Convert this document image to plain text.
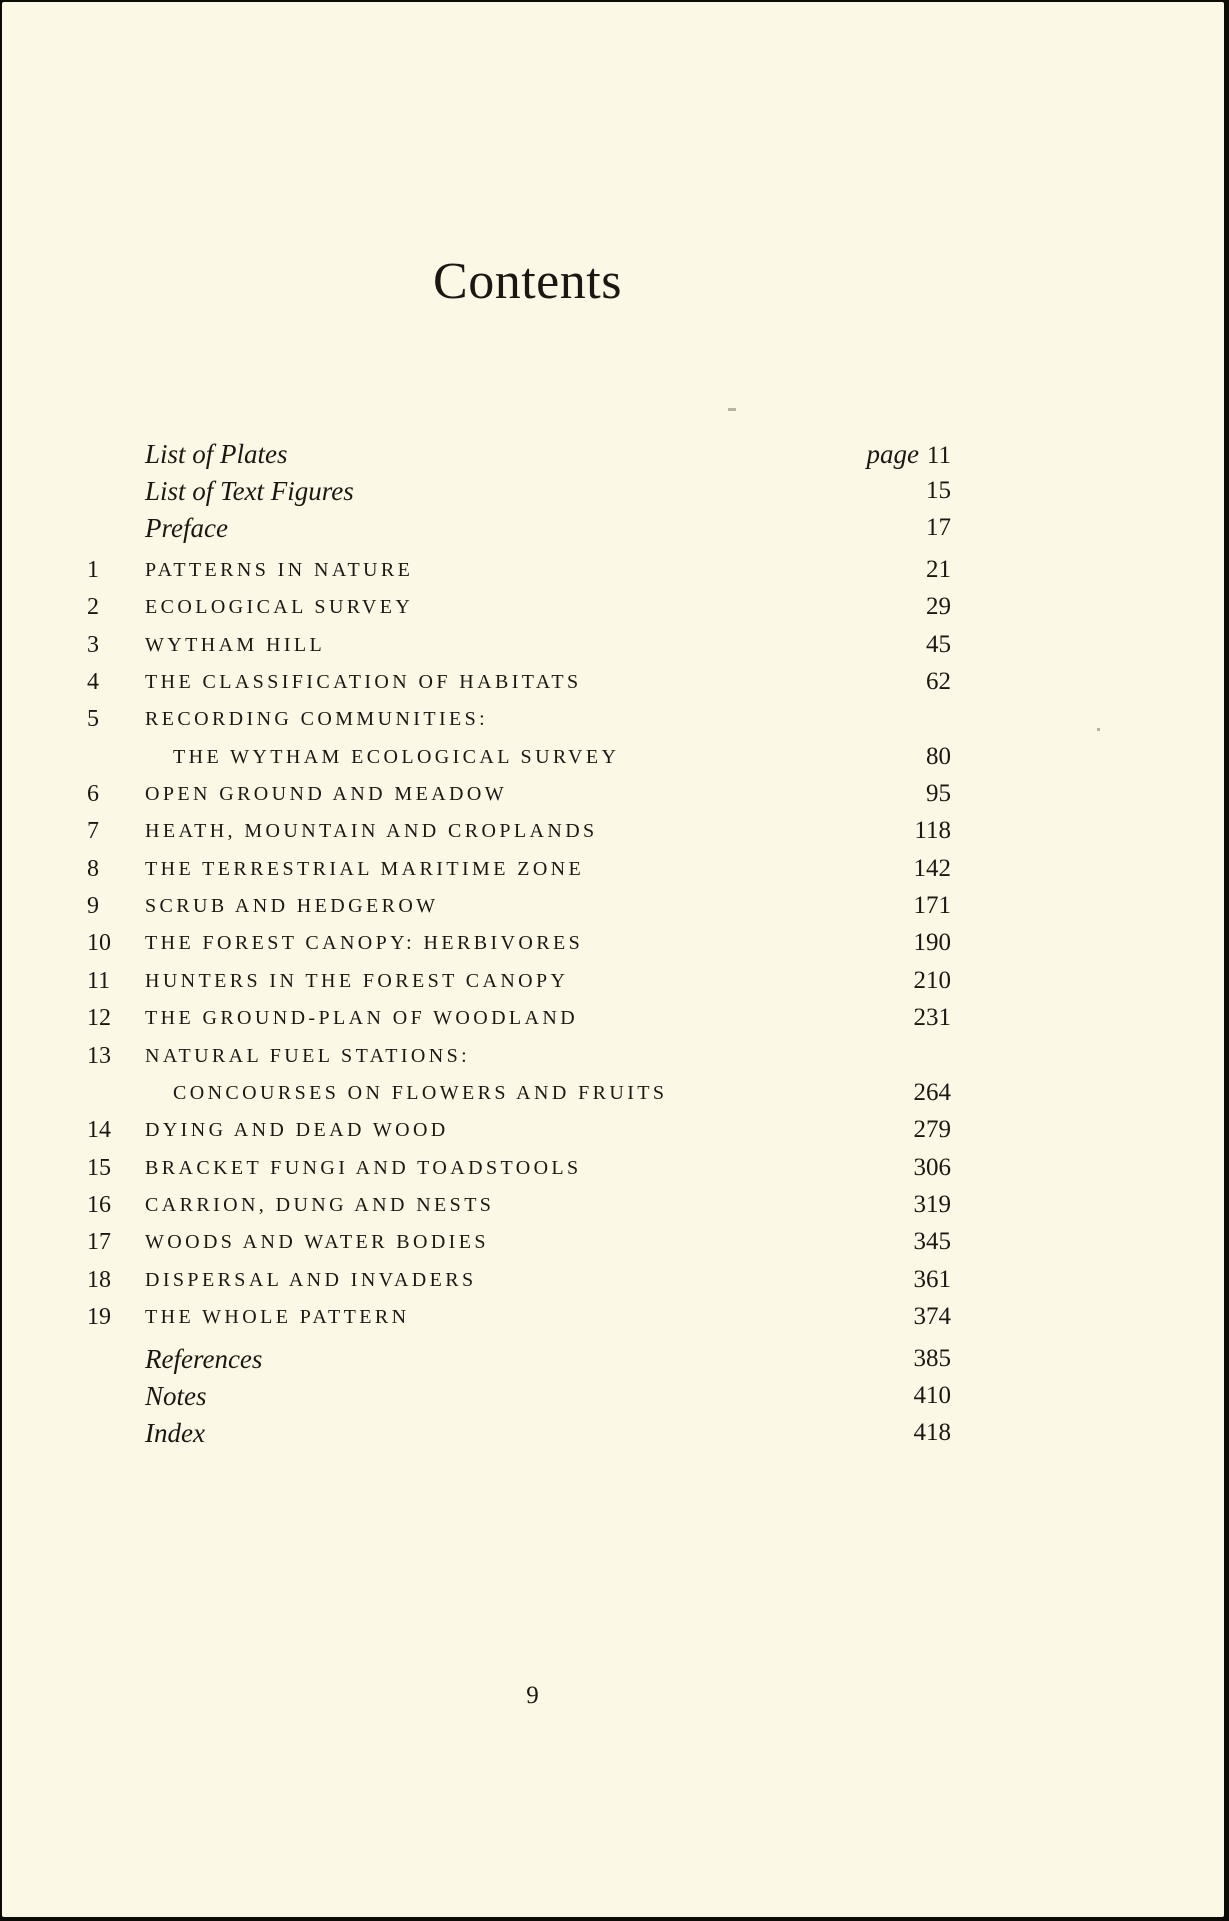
Contents
List of Plates	page 11
List of Text Figures	15
Preface	17
1	PATTERNS IN NATURE	21
2	ECOLOGICAL SURVEY	29
3	WYTHAM HILL	45
4	THE CLASSIFICATION OF HABITATS	62
5	RECORDING COMMUNITIES:
THE WYTHAM ECOLOGICAL SURVEY	80
6	OPEN GROUND AND MEADOW	95
7	HEATH, MOUNTAIN AND CROPLANDS	118
8	THE TERRESTRIAL MARITIME ZONE	142
9	SCRUB AND HEDGEROW	171
10	THE FOREST CANOPY: HERBIVORES	190
11	HUNTERS IN THE FOREST CANOPY	210
12	THE GROUND-PLAN OF WOODLAND	231
13	NATURAL FUEL STATIONS:
CONCOURSES ON FLOWERS AND FRUITS	264
14	DYING AND DEAD WOOD	279
15	BRACKET FUNGI AND TOADSTOOLS	306
16	CARRION, DUNG AND NESTS	319
17	WOODS AND WATER BODIES	345
18	DISPERSAL AND INVADERS	361
19	THE WHOLE PATTERN	374
References	385
Notes	410
Index	418
9
